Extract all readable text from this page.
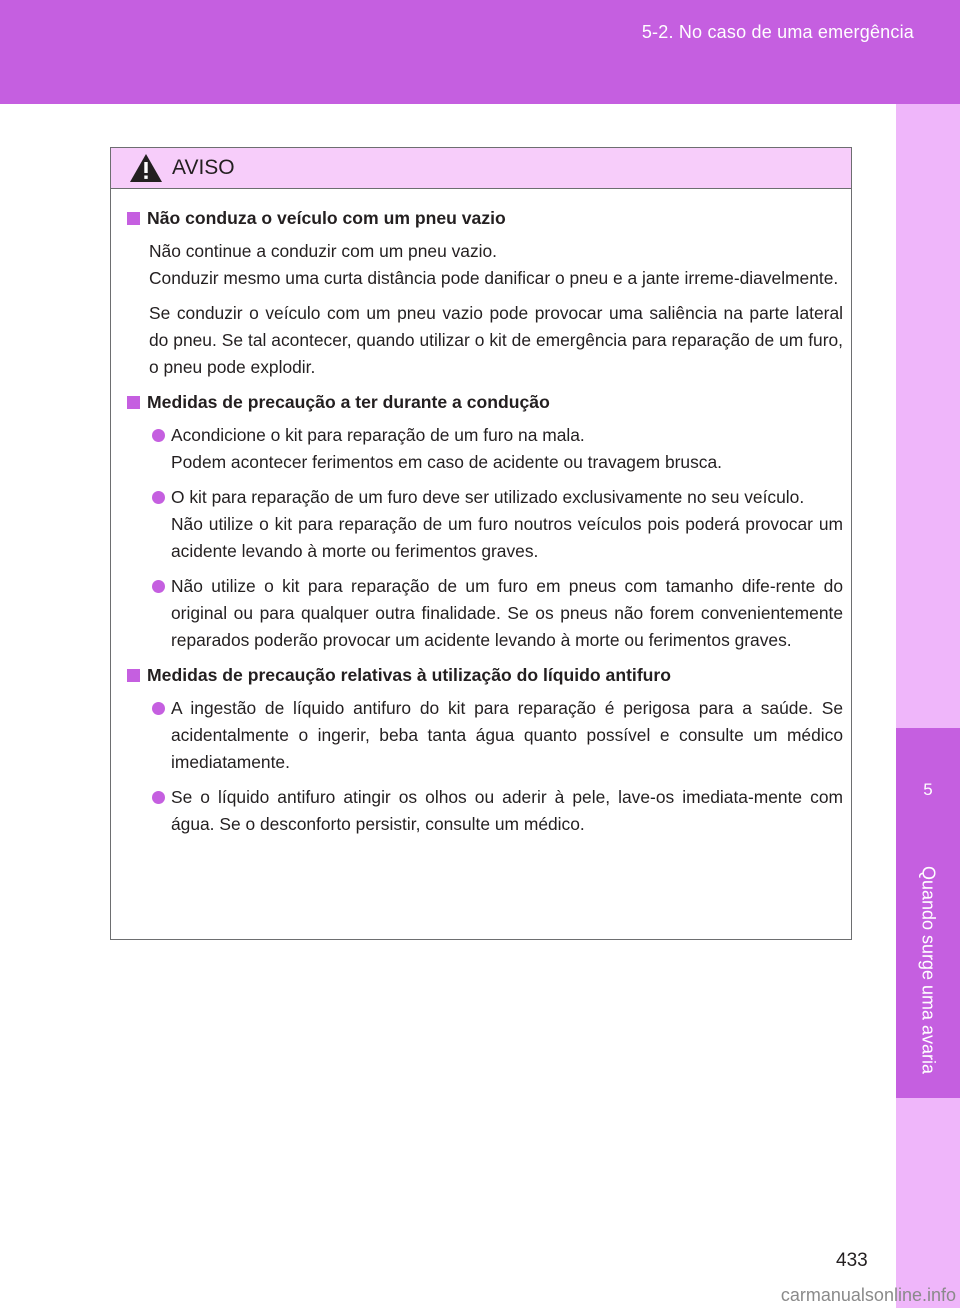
5-2. No caso de uma emergência
5
Quando surge uma avaria
AVISO
Não conduza o veículo com um pneu vazio
Não continue a conduzir com um pneu vazio.
Conduzir mesmo uma curta distância pode danificar o pneu e a jante irreme-diavelmente.
Se conduzir o veículo com um pneu vazio pode provocar uma saliência na parte lateral do pneu. Se tal acontecer, quando utilizar o kit de emergência para reparação de um furo, o pneu pode explodir.
Medidas de precaução a ter durante a condução
Acondicione o kit para reparação de um furo na mala.
Podem acontecer ferimentos em caso de acidente ou travagem brusca.
O kit para reparação de um furo deve ser utilizado exclusivamente no seu veículo.
Não utilize o kit para reparação de um furo noutros veículos pois poderá provocar um acidente levando à morte ou ferimentos graves.
Não utilize o kit para reparação de um furo em pneus com tamanho dife-rente do original ou para qualquer outra finalidade. Se os pneus não forem convenientemente reparados poderão provocar um acidente levando à morte ou ferimentos graves.
Medidas de precaução relativas à utilização do líquido antifuro
A ingestão de líquido antifuro do kit para reparação é perigosa para a saúde. Se acidentalmente o ingerir, beba tanta água quanto possível e consulte um médico imediatamente.
Se o líquido antifuro atingir os olhos ou aderir à pele, lave-os imediata-mente com água. Se o desconforto persistir, consulte um médico.
433
carmanualsonline.info
